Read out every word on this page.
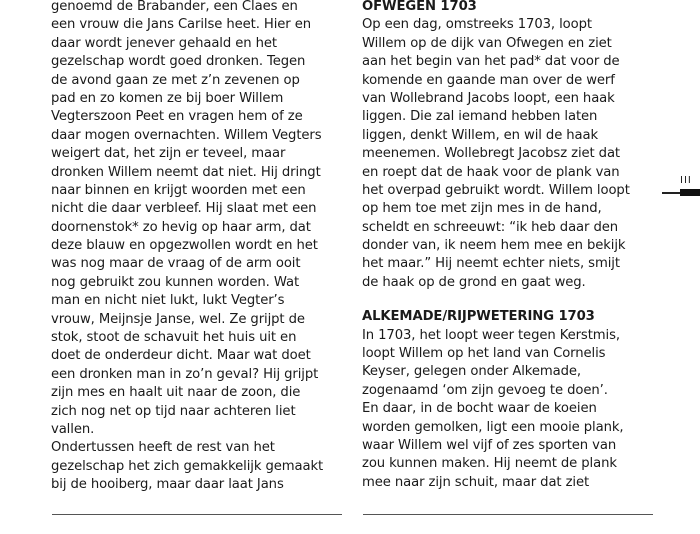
genoemd de Brabander, een Claes en
een vrouw die Jans Carilse heet. Hier en
daar wordt jenever gehaald en het
gezelschap wordt goed dronken. Tegen
de avond gaan ze met z’n zevenen op
pad en zo komen ze bij boer Willem
Vegterszoon Peet en vragen hem of ze
daar mogen overnachten. Willem Vegters
weigert dat, het zijn er teveel, maar
dronken Willem neemt dat niet. Hij dringt
naar binnen en krijgt woorden met een
nicht die daar verbleef. Hij slaat met een
doornenstok* zo hevig op haar arm, dat
deze blauw en opgezwollen wordt en het
was nog maar de vraag of de arm ooit
nog gebruikt zou kunnen worden. Wat
man en nicht niet lukt, lukt Vegter’s
vrouw, Meijnsje Janse, wel. Ze grijpt de
stok, stoot de schavuit het huis uit en
doet de onderdeur dicht. Maar wat doet
een dronken man in zo’n geval? Hij grijpt
zijn mes en haalt uit naar de zoon, die
zich nog net op tijd naar achteren liet
vallen.
Ondertussen heeft de rest van het
gezelschap het zich gemakkelijk gemaakt
bij de hooiberg, maar daar laat Jans
OFWEGEN 1703
Op een dag, omstreeks 1703, loopt
Willem op de dijk van Ofwegen en ziet
aan het begin van het pad* dat voor de
komende en gaande man over de werf
van Wollebrand Jacobs loopt, een haak
liggen. Die zal iemand hebben laten
liggen, denkt Willem, en wil de haak
meenemen. Wollebregt Jacobsz ziet dat
en roept dat de haak voor de plank van
het overpad gebruikt wordt. Willem loopt
op hem toe met zijn mes in de hand,
scheldt en schreeuwt: “ik heb daar den
donder van, ik neem hem mee en bekijk
het maar.” Hij neemt echter niets, smijt
de haak op de grond en gaat weg.
ALKEMADE/RIJPWETERING 1703
In 1703, het loopt weer tegen Kerstmis,
loopt Willem op het land van Cornelis
Keyser, gelegen onder Alkemade,
zogenaamd ‘om zijn gevoeg te doen’.
En daar, in de bocht waar de koeien
worden gemolken, ligt een mooie plank,
waar Willem wel vijf of zes sporten van
zou kunnen maken. Hij neemt de plank
mee naar zijn schuit, maar dat ziet
III
